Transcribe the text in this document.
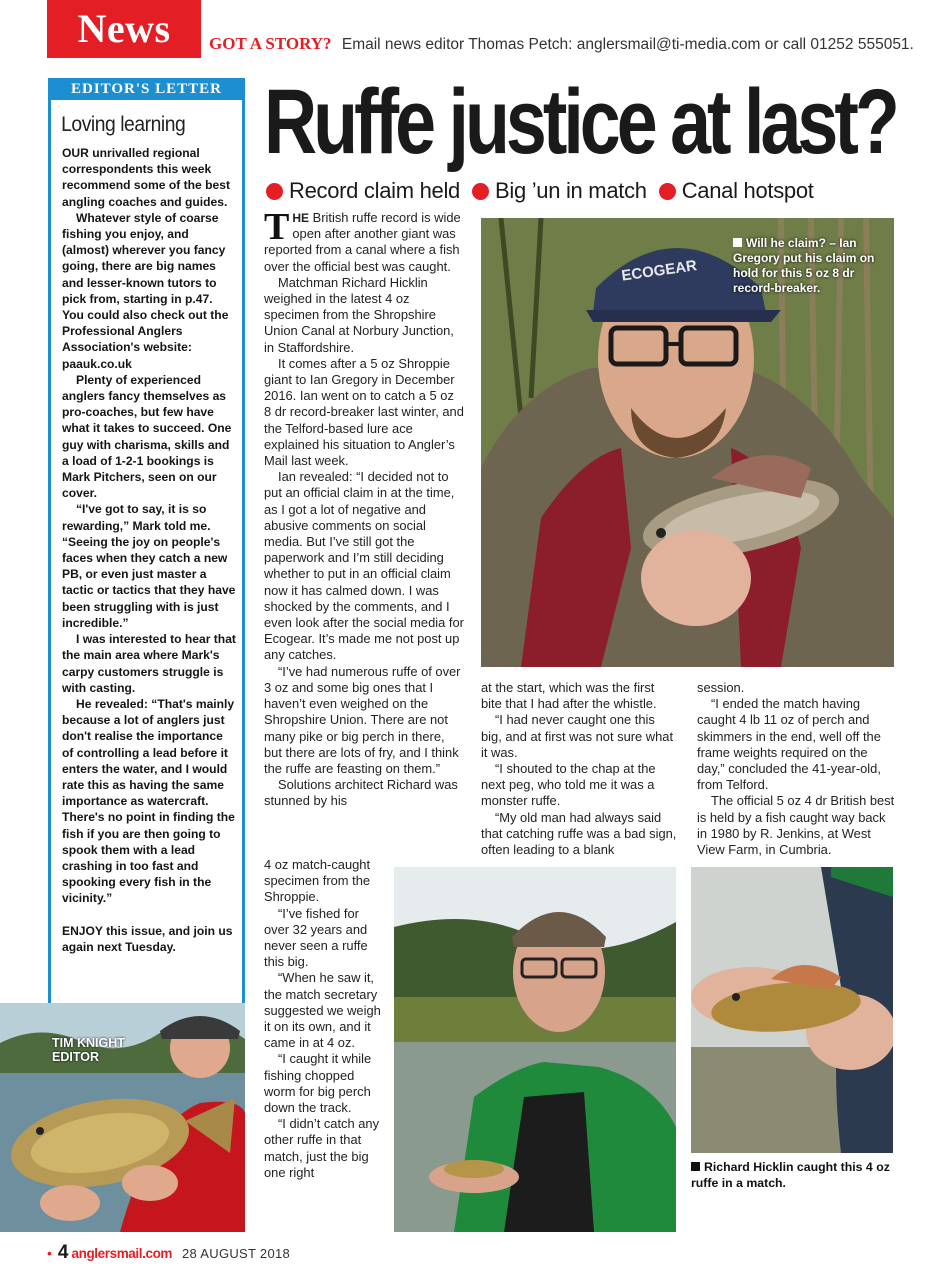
News	GOT A STORY? Email news editor Thomas Petch: anglersmail@ti-media.com or call 01252 555051.
EDITOR'S LETTER
Loving learning

OUR unrivalled regional correspondents this week recommend some of the best angling coaches and guides.

Whatever style of coarse fishing you enjoy, and (almost) wherever you fancy going, there are big names and lesser-known tutors to pick from, starting in p.47. You could also check out the Professional Anglers Association's website: paauk.co.uk

Plenty of experienced anglers fancy themselves as pro-coaches, but few have what it takes to succeed. One guy with charisma, skills and a load of 1-2-1 bookings is Mark Pitchers, seen on our cover.

“I've got to say, it is so rewarding,” Mark told me. “Seeing the joy on people's faces when they catch a new PB, or even just master a tactic or tactics that they have been struggling with is just incredible.”

I was interested to hear that the main area where Mark's carpy customers struggle is with casting.

He revealed: “That's mainly because a lot of anglers just don't realise the importance of controlling a lead before it enters the water, and I would rate this as having the same importance as watercraft. There's no point in finding the fish if you are then going to spook them with a lead crashing in too fast and spooking every fish in the vicinity.”

ENJOY this issue, and join us again next Tuesday.

TIM KNIGHT
EDITOR
Ruffe justice at last?
Record claim held Big ’un in match Canal hotspot

THE British ruffe record is wide open after another giant was reported from a canal where a fish over the official best was caught.

Matchman Richard Hicklin weighed in the latest 4 oz specimen from the Shropshire Union Canal at Norbury Junction, in Staffordshire.

It comes after a 5 oz Shroppie giant to Ian Gregory in December 2016. Ian went on to catch a 5 oz 8 dr record-breaker last winter, and the Telford-based lure ace explained his situation to Angler’s Mail last week.

Ian revealed: “I decided not to put an official claim in at the time, as I got a lot of negative and abusive comments on social media. But I’ve still got the paperwork and I’m still deciding whether to put in an official claim now it has calmed down. I was shocked by the comments, and I even look after the social media for Ecogear. It’s made me not post up any catches.

“I’ve had numerous ruffe of over 3 oz and some big ones that I haven’t even weighed on the Shropshire Union. There are not many pike or big perch in there, but there are lots of fry, and I think the ruffe are feasting on them.”

Solutions architect Richard was stunned by his

4 oz match-caught specimen from the Shroppie.

“I’ve fished for over 32 years and never seen a ruffe this big.

“When he saw it, the match secretary suggested we weigh it on its own, and it came in at 4 oz.

“I caught it while fishing chopped worm for big perch down the track.

“I didn’t catch any other ruffe in that match, just the big one right

ECOGEAR
Will he claim? – Ian Gregory put his claim on hold for this 5 oz 8 dr record-breaker.

at the start, which was the first bite that I had after the whistle.

“I had never caught one this big, and at first was not sure what it was.

“I shouted to the chap at the next peg, who told me it was a monster ruffe.

“My old man had always said that catching ruffe was a bad sign, often leading to a blank

session.

“I ended the match having caught 4 lb 11 oz of perch and skimmers in the end, well off the frame weights required on the day,” concluded the 41-year-old, from Telford.

The official 5 oz 4 dr British best is held by a fish caught way back in 1980 by R. Jenkins, at West View Farm, in Cumbria.

Richard Hicklin caught this 4 oz ruffe in a match.
• 4 anglersmail.com 28 AUGUST 2018
